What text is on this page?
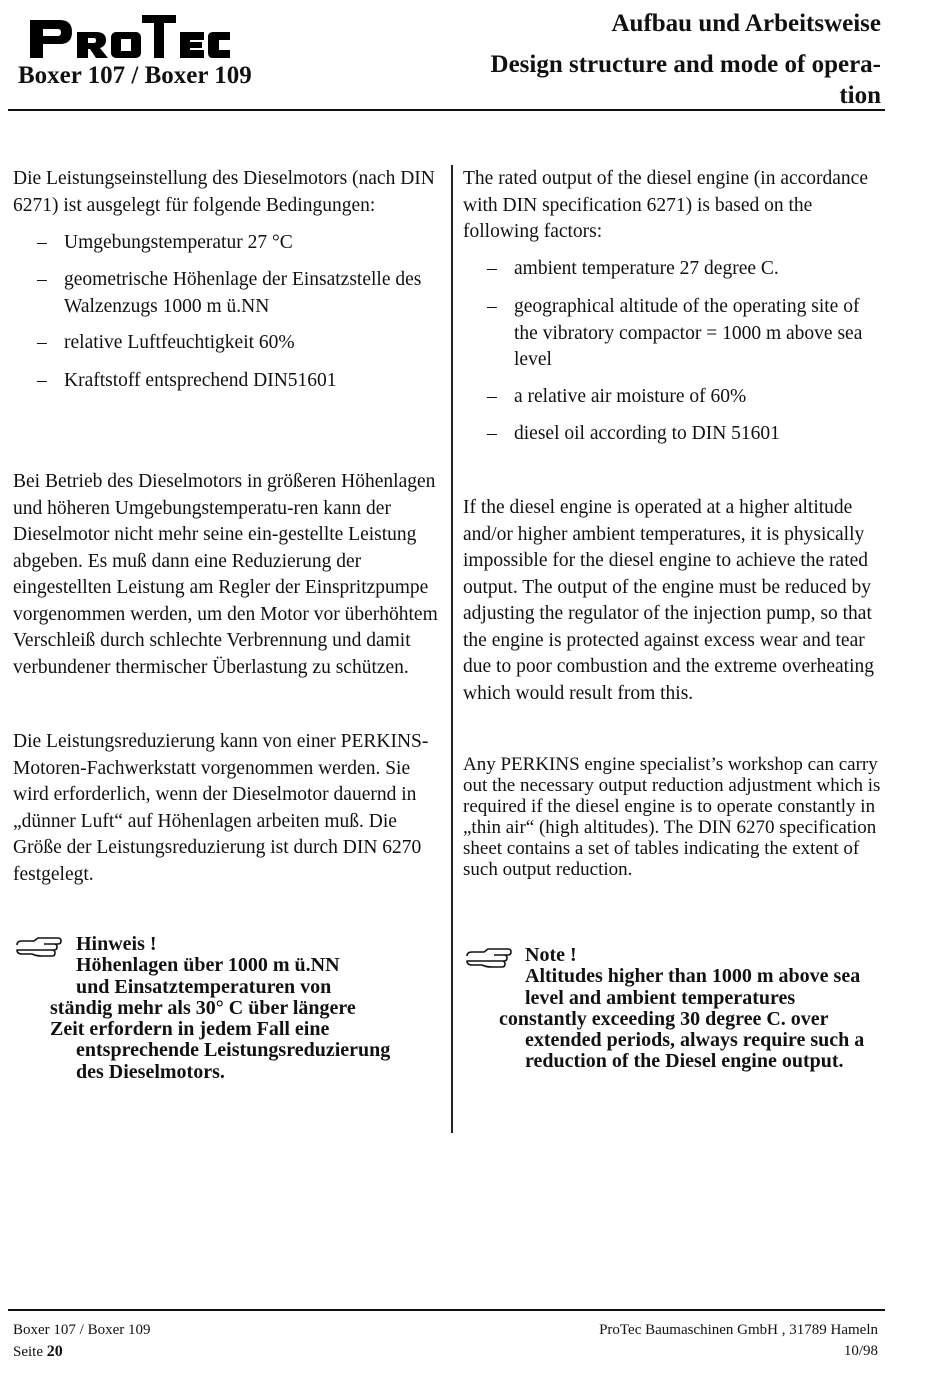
Boxer 107 / Boxer 109
Aufbau und Arbeitsweise
Design structure and mode of opera-
tion
Die Leistungseinstellung des Dieselmotors (nach DIN 6271) ist ausgelegt für folgende Bedingungen:
– Umgebungstemperatur 27 °C
– geometrische Höhenlage der Einsatzstelle des Walzenzugs 1000 m ü.NN
– relative Luftfeuchtigkeit 60%
– Kraftstoff entsprechend DIN51601
Bei Betrieb des Dieselmotors in größeren Höhenlagen und höheren Umgebungstemperatu-ren kann der Dieselmotor nicht mehr seine ein-gestellte Leistung abgeben. Es muß dann eine Reduzierung der eingestellten Leistung am Regler der Einspritzpumpe vorgenommen werden, um den Motor vor überhöhtem Verschleiß durch schlechte Verbrennung und damit verbundener thermischer Überlastung zu schützen.
Die Leistungsreduzierung kann von einer PERKINS-Motoren-Fachwerkstatt vorgenommen werden. Sie wird erforderlich, wenn der Dieselmotor dauernd in „dünner Luft“ auf Höhenlagen arbeiten muß. Die Größe der Leistungsreduzierung ist durch DIN 6270 festgelegt.
Hinweis !
Höhenlagen über 1000 m ü.NN
und Einsatztemperaturen von
ständig mehr als 30° C über längere
Zeit erfordern in jedem Fall eine
entsprechende Leistungsreduzierung
des Dieselmotors.
The rated output of the diesel engine (in accordance with DIN specification 6271) is based on the following factors:
– ambient temperature 27 degree C.
– geographical altitude of the operating site of the vibratory compactor = 1000 m above sea level
– a relative air moisture of 60%
– diesel oil according to DIN 51601
If the diesel engine is operated at a higher altitude and/or higher ambient temperatures, it is physically impossible for the diesel engine to achieve the rated output. The output of the engine must be reduced by adjusting the regulator of the injection pump, so that the engine is protected against excess wear and tear due to poor combustion and the extreme overheating which would result from this.
Any PERKINS engine specialist’s workshop can carry out the necessary output reduction adjustment which is required if the diesel engine is to operate constantly in „thin air“ (high altitudes). The DIN 6270 specification sheet contains a set of tables indicating the extent of such output reduction.
Note !
Altitudes higher than 1000 m above sea
level and ambient temperatures
constantly exceeding 30 degree C. over
extended periods, always require such a
reduction of the Diesel engine output.
Boxer 107 / Boxer 109
Seite 20
ProTec Baumaschinen GmbH , 31789 Hameln
10/98
